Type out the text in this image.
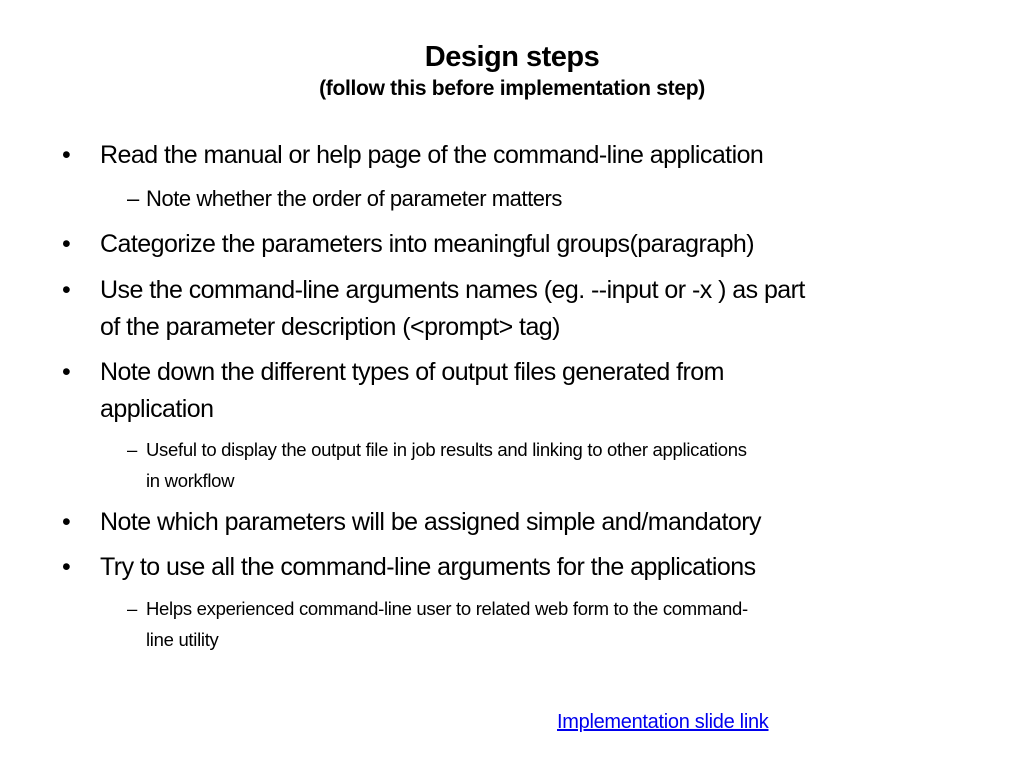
Design steps
(follow this before implementation step)
• Read the manual or help page of the command-line application
– Note whether the order of parameter matters
• Categorize the parameters into meaningful groups(paragraph)
• Use the command-line arguments names (eg. --input or -x ) as part
of the parameter description (<prompt> tag)
• Note down the different types of output files generated from
application
– Useful to display the output file in job results and linking to other applications
in workflow
• Note which parameters will be assigned simple and/mandatory
• Try to use all the command-line arguments for the applications
– Helps experienced command-line user to related web form to the command-
line utility
Implementation slide link
